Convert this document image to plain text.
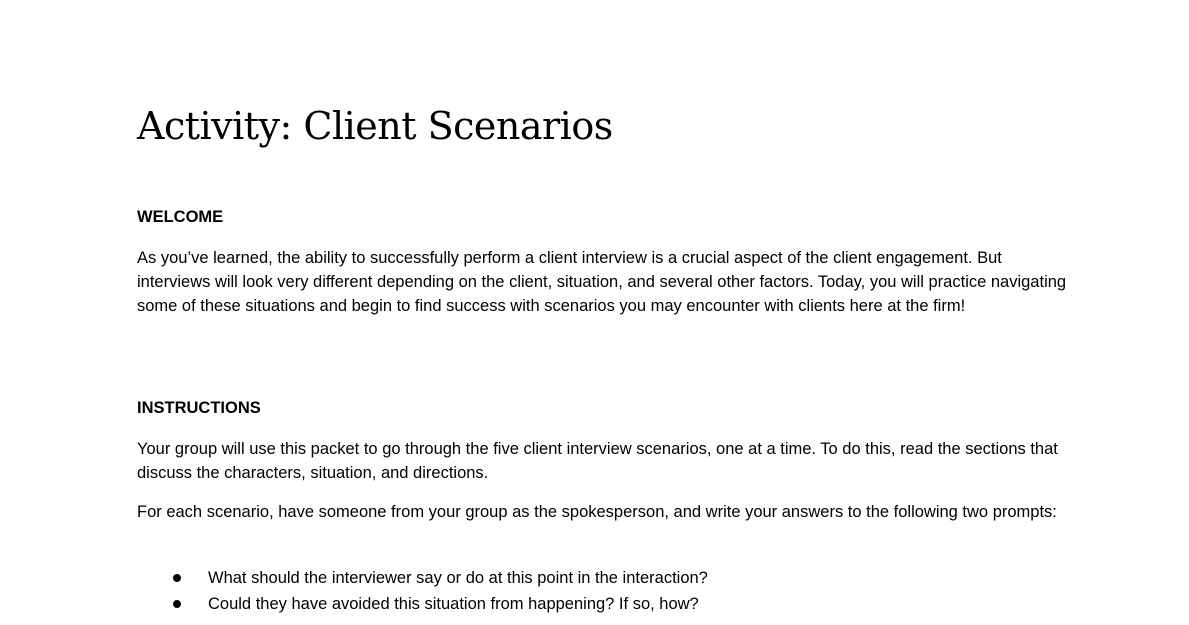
Activity: Client Scenarios
WELCOME

As you’ve learned, the ability to successfully perform a client interview is a crucial aspect of the client engagement. But interviews will look very different depending on the client, situation, and several other factors. Today, you will practice navigating some of these situations and begin to find success with scenarios you may encounter with clients here at the firm!

INSTRUCTIONS

Your group will use this packet to go through the five client interview scenarios, one at a time. To do this, read the sections that discuss the characters, situation, and directions.

For each scenario, have someone from your group as the spokesperson, and write your answers to the following two prompts:

What should the interviewer say or do at this point in the interaction?
Could they have avoided this situation from happening? If so, how?
